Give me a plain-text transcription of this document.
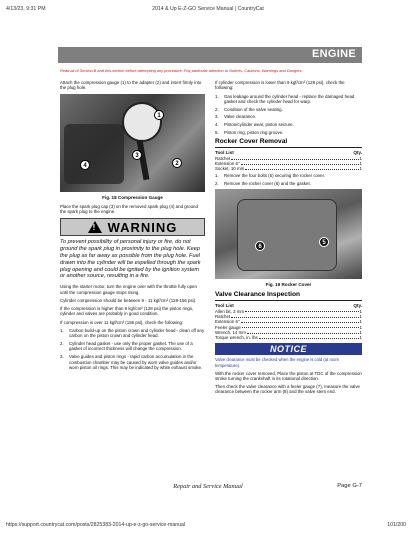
4/13/23, 9:31 PM	2014 & Up E-Z-GO Service Manual | CountryCat
ENGINE
Read all of Section B and this section before attempting any procedure. Pay particular attention to Notices, Cautions, Warnings and Dangers.

Attach the compression gauge (1) to the adapter (2) and insert firmly into the plug hole.

1
3
2
4
Fig. 18 Compression Gauge

Place the spark plug cap (3) on the removed spark plug (4) and ground the spark plug to the engine.

! WARNING
To prevent possibility of personal injury or fire, do not ground the spark plug in proximity to the plug hole. Keep the plug as far away as possible from the plug hole. Fuel drawn into the cylinder will be expelled through the spark plug opening and could be ignited by the ignition system or another source, resulting in a fire.

Using the starter motor, turn the engine over with the throttle fully open until the compression gauge stops rising.

Cylinder compression should be between 9 - 11 kgf/cm² (128-156 psi).

If the compression is higher than 9 kgf/cm² (128 psi) the piston rings, cylinder and valves are probably in good condition.

If compression is over 11 kgf/cm² (156 psi), check the following:

1.	Carbon build-up on the piston crown and cylinder head - clean off any carbon on the piston crown and cylinder head.
2.	Cylinder head gasket - use only the proper gasket. The use of a gasket of incorrect thickness will change the compression.
3.	Valve guides and piston rings - rapid carbon accumulation in the combustion chamber may be caused by worn valve guides and/or worn piston oil rings. This may be indicated by white exhaust smoke.

If cylinder compression is lower than 9 kgf/cm² (128 psi), check the following:

1.	Gas leakage around the cylinder head - replace the damaged head gasket and check the cylinder head for warp.
2.	Condition of the valve seating.
3.	Valve clearance.
4.	Piston/cylinder wear, piston seizure.
5.	Piston ring, piston ring groove.
Rocker Cover Removal
Tool List	Qty.
Ratchet	1
Extension 6"	1
Socket, 10 mm	1
1.	Remove the four bolts (5) securing the rocker cover.
2.	Remove the rocker cover (6) and the gasket.
6
5
Fig. 19 Rocker Cover
Valve Clearance Inspection
Tool List	Qty.
Allen bit, 3 mm	1
Ratchet	1
Extension 6"	1
Feeler gauge	1
Wrench, 14 mm	1
Torque wrench, in. lbs	1
NOTICE
Valve clearance must be checked when the engine is cold (at room temperature).

With the rocker cover removed, Place the piston at TDC of the compression stroke turning the crankshaft in its rotational direction.

Then check the valve clearance with a feeler gauge (7), measure the valve clearance between the rocker arm (8) and the valve stem end.

Repair and Service Manual	Page G-7
https://support.countrycat.com/posts/2825383-2014-up-e-z-go-service-manual	101/200
